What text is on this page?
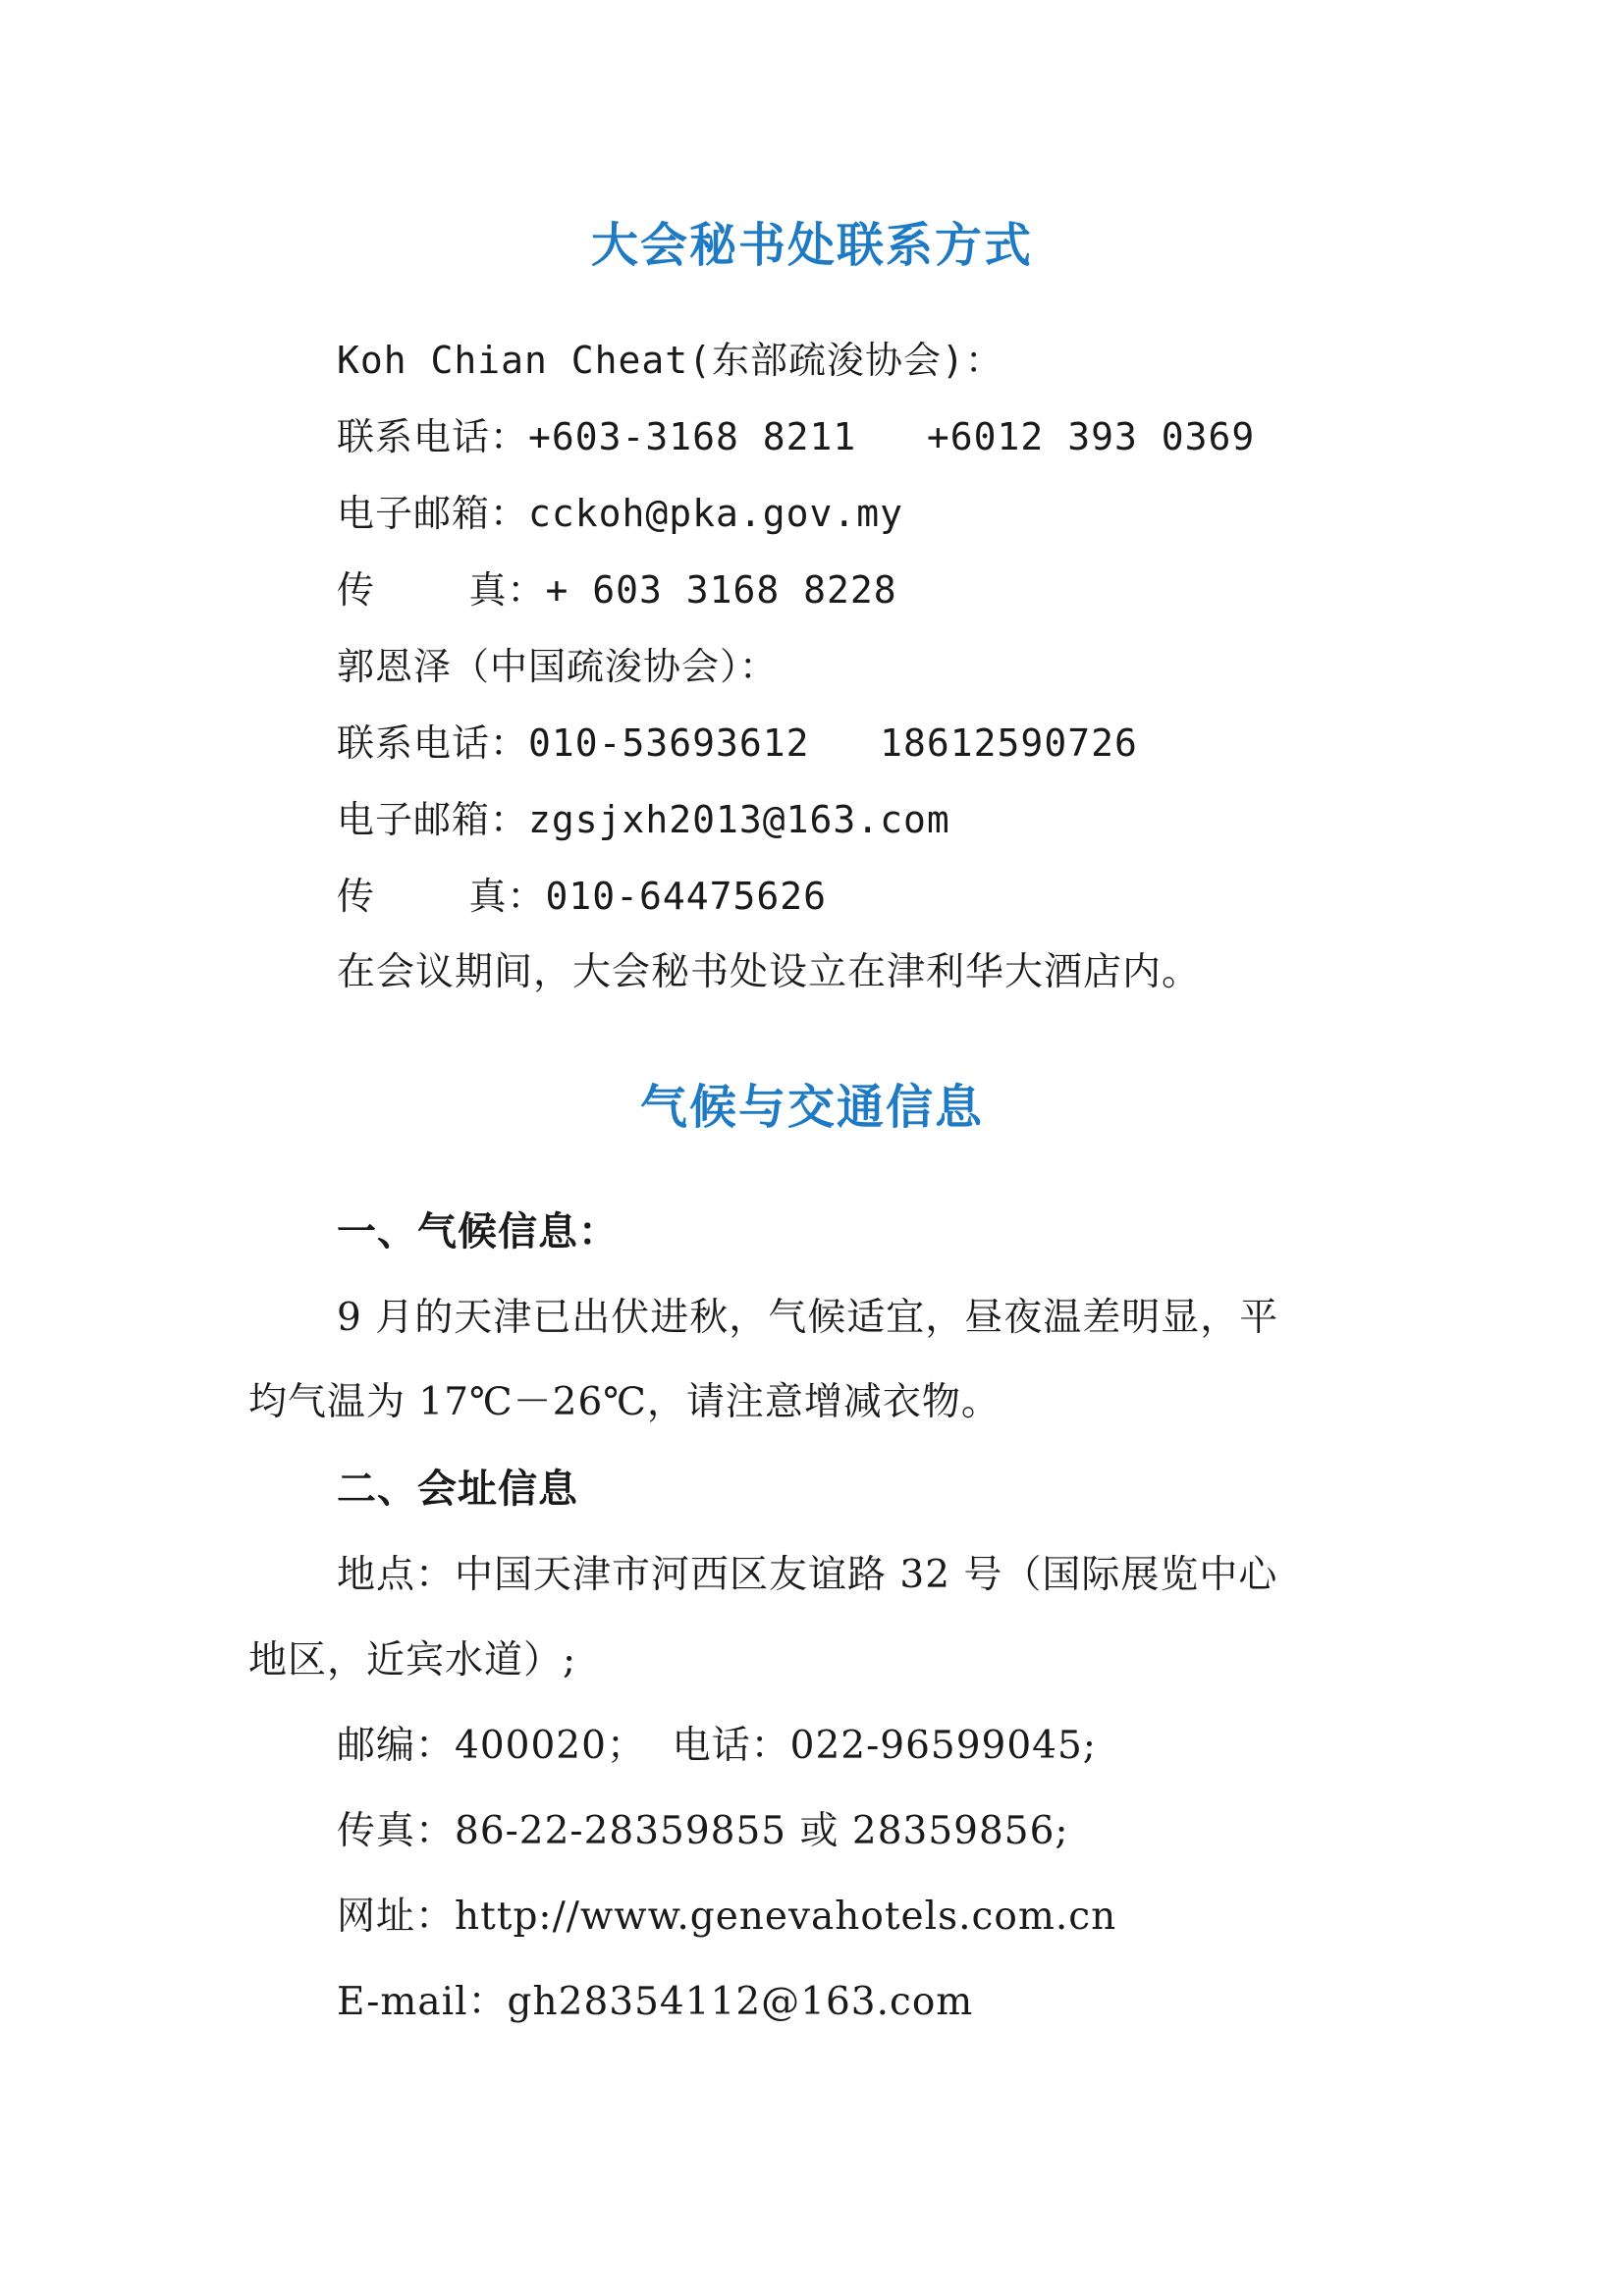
大会秘书处联系方式
Koh Chian Cheat(东部疏浚协会)：
联系电话：+603-3168 8211   +6012 393 0369
电子邮箱：cckoh@pka.gov.my
传    真：+ 603 3168 8228
郭恩泽（中国疏浚协会）：
联系电话：010-53693612   18612590726
电子邮箱：zgsjxh2013@163.com
传    真：010-64475626
在会议期间，大会秘书处设立在津利华大酒店内。
气候与交通信息
一、气候信息：
9 月的天津已出伏进秋，气候适宜，昼夜温差明显，平
均气温为 17℃－26℃，请注意增减衣物。
二、会址信息
地点：中国天津市河西区友谊路 32 号（国际展览中心
地区，近宾水道）;
邮编：400020；  电话：022-96599045;
传真：86-22-28359855 或 28359856;
网址：http://www.genevahotels.com.cn
E-mail：gh28354112@163.com
